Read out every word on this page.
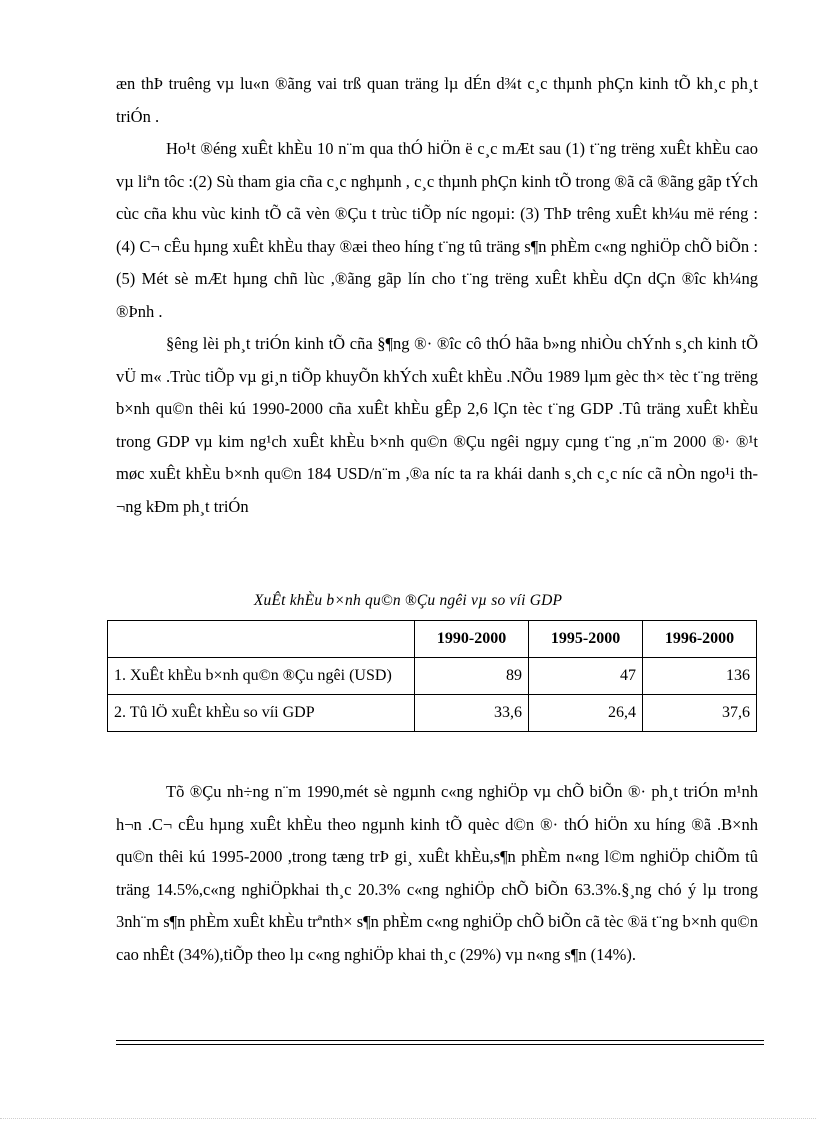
æn thÞ truêng vµ lu«n ®ãng vai trß quan träng lµ dÉn d¾t c¸c thµnh phÇn kinh tÕ kh¸c ph¸t triÓn .

Ho¹t ®éng xuÊt khÈu 10 n¨m qua thÓ hiÖn ë c¸c mÆt sau (1) t¨ng trëng xuÊt khÈu cao vµ liªn tôc :(2) Sù tham gia cña c¸c nghµnh , c¸c thµnh phÇn kinh tÕ trong ®ã cã ®ãng gãp tÝch cùc cña khu vùc kinh tÕ cã vèn ®Çu t trùc tiÕp níc ngoµi: (3) ThÞ trêng xuÊt kh¼u më réng :(4) C¬ cÊu hµng xuÊt khÈu thay ®æi theo híng t¨ng tû träng s¶n phÈm c«ng nghiÖp chÕ biÕn :(5) Mét sè mÆt hµng chñ lùc ,®ãng gãp lín cho t¨ng trëng xuÊt khÈu dÇn dÇn ®îc kh¼ng ®Þnh .

§êng lèi ph¸t triÓn kinh tÕ cña §¶ng ®· ®îc cô thÓ hãa b»ng nhiÒu chÝnh s¸ch kinh tÕ vÜ m« .Trùc tiÕp vµ gi¸n tiÕp khuyÕn khÝch xuÊt khÈu .NÕu 1989 lµm gèc th× tèc t¨ng trëng b×nh qu©n thêi kú 1990-2000 cña xuÊt khÈu gÊp 2,6 lÇn tèc t¨ng GDP .Tû träng xuÊt khÈu trong GDP vµ kim ng¹ch xuÊt khÈu b×nh qu©n ®Çu ngêi ngµy cµng t¨ng ,n¨m 2000 ®· ®¹t møc xuÊt khÈu b×nh qu©n 184 USD/n¨m ,®a níc ta ra khái danh s¸ch c¸c níc cã nÒn ngo¹i th¬ng kÐm ph¸t triÓn

XuÊt khÈu b×nh qu©n ®Çu ngêi vµ so víi GDP
	1990-2000	1995-2000	1996-2000
1. XuÊt khÈu b×nh qu©n ®Çu ngêi (USD)	89	47	136
2. Tû lÖ xuÊt khÈu so víi GDP	33,6	26,4	37,6

Tõ ®Çu nh÷ng n¨m 1990,mét sè ngµnh c«ng nghiÖp vµ chÕ biÕn ®· ph¸t triÓn m¹nh h¬n .C¬ cÊu hµng xuÊt khÈu theo ngµnh kinh tÕ quèc d©n ®· thÓ hiÖn xu híng ®ã .B×nh qu©n thêi kú 1995-2000 ,trong tæng trÞ gi¸ xuÊt khÈu,s¶n phÈm n«ng l©m nghiÖp chiÕm tû träng 14.5%,c«ng nghiÖpkhai th¸c 20.3% c«ng nghiÖp chÕ biÕn 63.3%.§¸ng chó ý lµ trong 3nh¨m s¶n phÈm xuÊt khÈu trªnth× s¶n phÈm c«ng nghiÖp chÕ biÕn cã tèc ®ä t¨ng b×nh qu©n cao nhÊt (34%),tiÕp theo lµ c«ng nghiÖp khai th¸c (29%) vµ n«ng s¶n (14%).
